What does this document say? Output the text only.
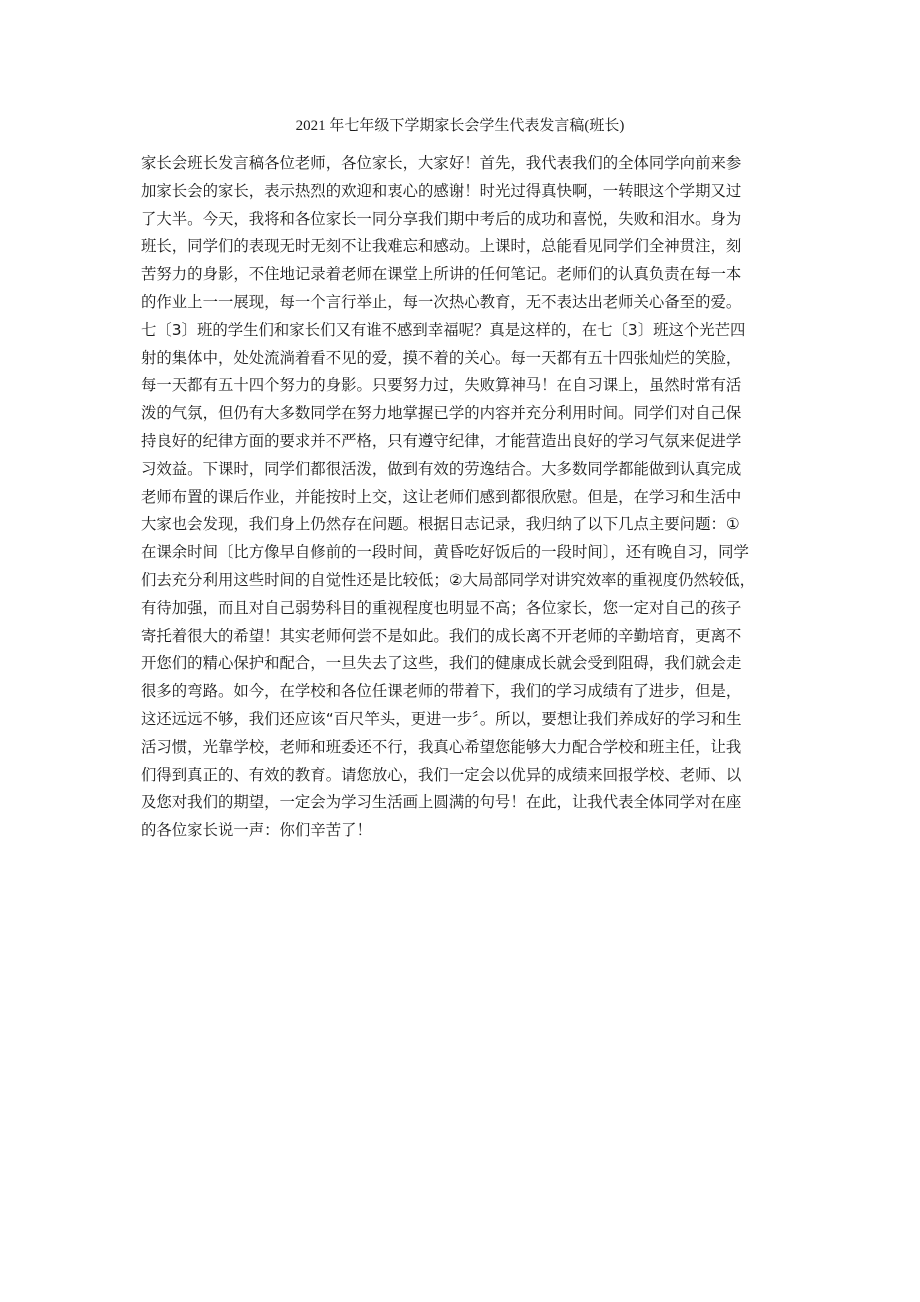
2021 年七年级下学期家长会学生代表发言稿(班长)
家长会班长发言稿各位老师，各位家长，大家好！首先，我代表我们的全体同学向前来参
加家长会的家长，表示热烈的欢迎和衷心的感谢！时光过得真快啊，一转眼这个学期又过
了大半。今天，我将和各位家长一同分享我们期中考后的成功和喜悦，失败和泪水。身为
班长，同学们的表现无时无刻不让我难忘和感动。上课时，总能看见同学们全神贯注，刻
苦努力的身影，不住地记录着老师在课堂上所讲的任何笔记。老师们的认真负责在每一本
的作业上一一展现，每一个言行举止，每一次热心教育，无不表达出老师关心备至的爱。
七〔3〕班的学生们和家长们又有谁不感到幸福呢？真是这样的，在七〔3〕班这个光芒四
射的集体中，处处流淌着看不见的爱，摸不着的关心。每一天都有五十四张灿烂的笑脸，
每一天都有五十四个努力的身影。只要努力过，失败算神马！在自习课上，虽然时常有活
泼的气氛，但仍有大多数同学在努力地掌握已学的内容并充分利用时间。同学们对自己保
持良好的纪律方面的要求并不严格，只有遵守纪律，才能营造出良好的学习气氛来促进学
习效益。下课时，同学们都很活泼，做到有效的劳逸结合。大多数同学都能做到认真完成
老师布置的课后作业，并能按时上交，这让老师们感到都很欣慰。但是，在学习和生活中
大家也会发现，我们身上仍然存在问题。根据日志记录，我归纳了以下几点主要问题：①
在课余时间〔比方像早自修前的一段时间，黄昏吃好饭后的一段时间〕，还有晚自习，同学
们去充分利用这些时间的自觉性还是比较低；②大局部同学对讲究效率的重视度仍然较低，
有待加强，而且对自己弱势科目的重视程度也明显不高；各位家长，您一定对自己的孩子
寄托着很大的希望！其实老师何尝不是如此。我们的成长离不开老师的辛勤培育，更离不
开您们的精心保护和配合，一旦失去了这些，我们的健康成长就会受到阻碍，我们就会走
很多的弯路。如今，在学校和各位任课老师的带着下，我们的学习成绩有了进步，但是，
这还远远不够，我们还应该“百尺竿头，更进一步〞。所以，要想让我们养成好的学习和生
活习惯，光靠学校，老师和班委还不行，我真心希望您能够大力配合学校和班主任，让我
们得到真正的、有效的教育。请您放心，我们一定会以优异的成绩来回报学校、老师、以
及您对我们的期望，一定会为学习生活画上圆满的句号！在此，让我代表全体同学对在座
的各位家长说一声：你们辛苦了！
